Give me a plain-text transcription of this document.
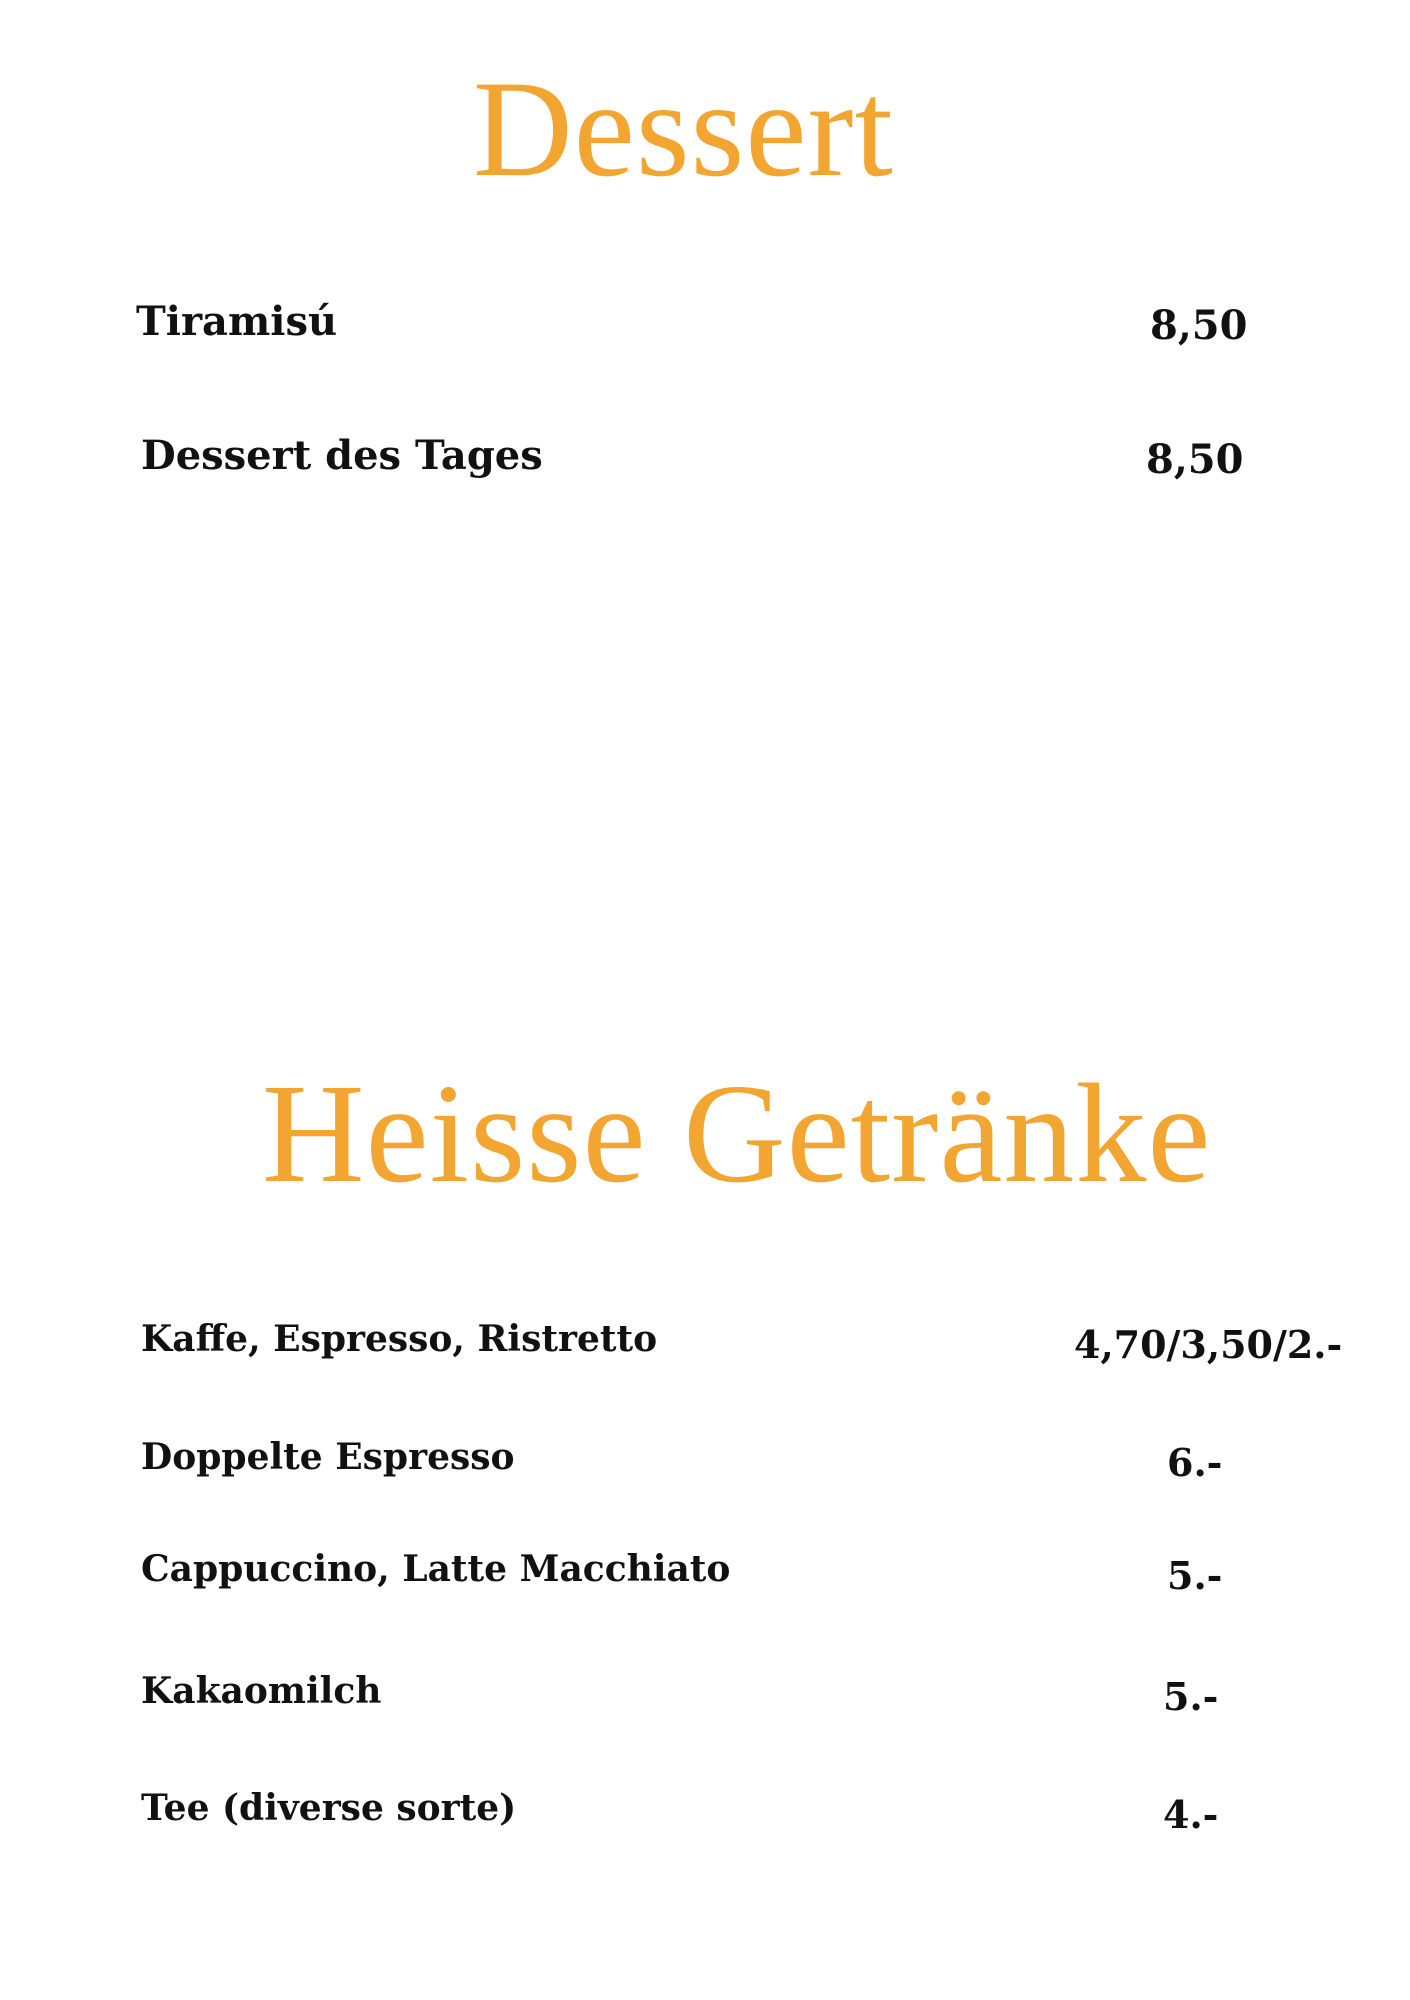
Dessert
Tiramisú	8,50
Dessert des Tages	8,50
Heisse Getränke
Kaffe, Espresso, Ristretto	4,70/3,50/2.-
Doppelte Espresso	6.-
Cappuccino, Latte Macchiato	5.-
Kakaomilch	5.-
Tee (diverse sorte)	4.-
